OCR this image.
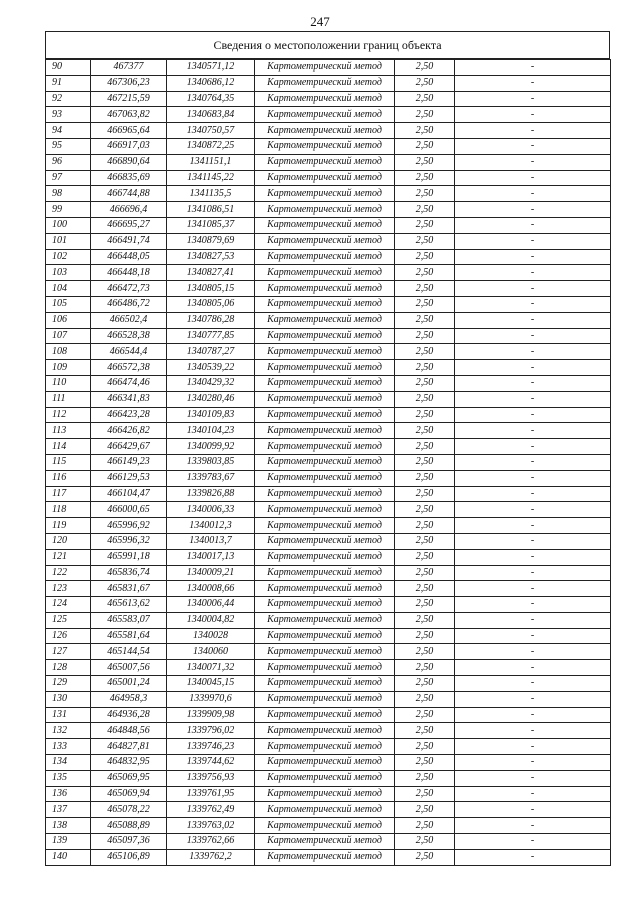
247
Сведения о местоположении границ объекта
90	467377	1340571,12	Картометрический метод	2,50	-
91	467306,23	1340686,12	Картометрический метод	2,50	-
92	467215,59	1340764,35	Картометрический метод	2,50	-
93	467063,82	1340683,84	Картометрический метод	2,50	-
94	466965,64	1340750,57	Картометрический метод	2,50	-
95	466917,03	1340872,25	Картометрический метод	2,50	-
96	466890,64	1341151,1	Картометрический метод	2,50	-
97	466835,69	1341145,22	Картометрический метод	2,50	-
98	466744,88	1341135,5	Картометрический метод	2,50	-
99	466696,4	1341086,51	Картометрический метод	2,50	-
100	466695,27	1341085,37	Картометрический метод	2,50	-
101	466491,74	1340879,69	Картометрический метод	2,50	-
102	466448,05	1340827,53	Картометрический метод	2,50	-
103	466448,18	1340827,41	Картометрический метод	2,50	-
104	466472,73	1340805,15	Картометрический метод	2,50	-
105	466486,72	1340805,06	Картометрический метод	2,50	-
106	466502,4	1340786,28	Картометрический метод	2,50	-
107	466528,38	1340777,85	Картометрический метод	2,50	-
108	466544,4	1340787,27	Картометрический метод	2,50	-
109	466572,38	1340539,22	Картометрический метод	2,50	-
110	466474,46	1340429,32	Картометрический метод	2,50	-
111	466341,83	1340280,46	Картометрический метод	2,50	-
112	466423,28	1340109,83	Картометрический метод	2,50	-
113	466426,82	1340104,23	Картометрический метод	2,50	-
114	466429,67	1340099,92	Картометрический метод	2,50	-
115	466149,23	1339803,85	Картометрический метод	2,50	-
116	466129,53	1339783,67	Картометрический метод	2,50	-
117	466104,47	1339826,88	Картометрический метод	2,50	-
118	466000,65	1340006,33	Картометрический метод	2,50	-
119	465996,92	1340012,3	Картометрический метод	2,50	-
120	465996,32	1340013,7	Картометрический метод	2,50	-
121	465991,18	1340017,13	Картометрический метод	2,50	-
122	465836,74	1340009,21	Картометрический метод	2,50	-
123	465831,67	1340008,66	Картометрический метод	2,50	-
124	465613,62	1340006,44	Картометрический метод	2,50	-
125	465583,07	1340004,82	Картометрический метод	2,50	-
126	465581,64	1340028	Картометрический метод	2,50	-
127	465144,54	1340060	Картометрический метод	2,50	-
128	465007,56	1340071,32	Картометрический метод	2,50	-
129	465001,24	1340045,15	Картометрический метод	2,50	-
130	464958,3	1339970,6	Картометрический метод	2,50	-
131	464936,28	1339909,98	Картометрический метод	2,50	-
132	464848,56	1339796,02	Картометрический метод	2,50	-
133	464827,81	1339746,23	Картометрический метод	2,50	-
134	464832,95	1339744,62	Картометрический метод	2,50	-
135	465069,95	1339756,93	Картометрический метод	2,50	-
136	465069,94	1339761,95	Картометрический метод	2,50	-
137	465078,22	1339762,49	Картометрический метод	2,50	-
138	465088,89	1339763,02	Картометрический метод	2,50	-
139	465097,36	1339762,66	Картометрический метод	2,50	-
140	465106,89	1339762,2	Картометрический метод	2,50	-
